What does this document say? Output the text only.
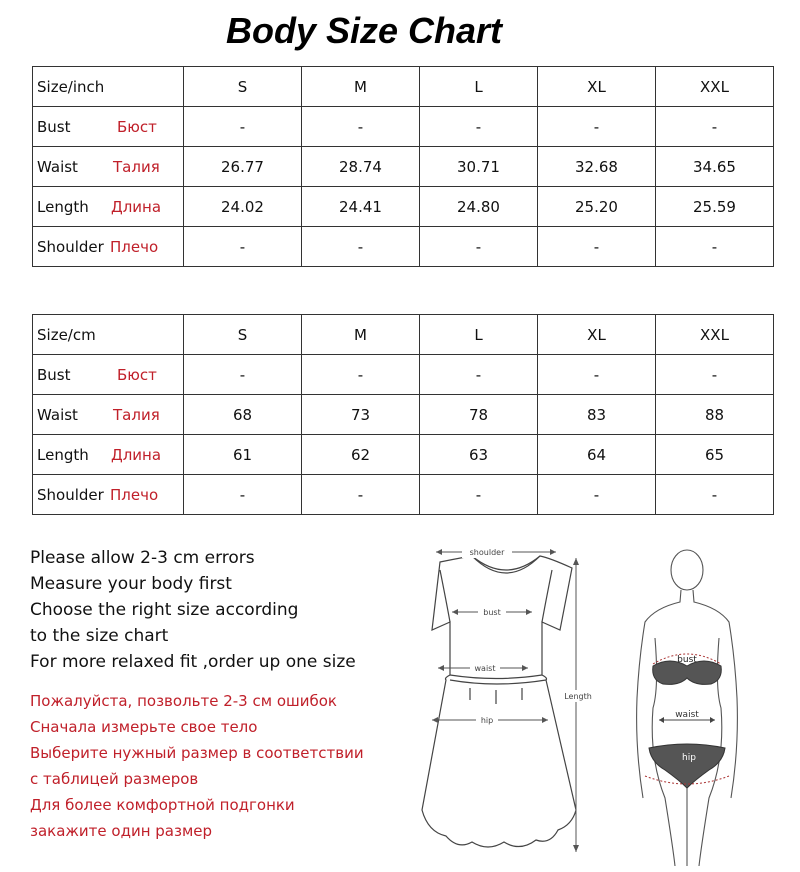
Body Size Chart
Size/inch	S	M	L	XL	XXL
Bust Бюст	-	-	-	-	-
Waist Талия	26.77	28.74	30.71	32.68	34.65
Length Длина	24.02	24.41	24.80	25.20	25.59
Shoulder Плечо	-	-	-	-	-
Size/cm	S	M	L	XL	XXL
Bust Бюст	-	-	-	-	-
Waist Талия	68	73	78	83	88
Length Длина	61	62	63	64	65
Shoulder Плечо	-	-	-	-	-
Please allow 2-3 cm errors
Measure your body first
Choose the right size according
to the size chart
For more relaxed fit ,order up one size
Пожалуйста, позвольте 2-3 см ошибок
Сначала измерьте свое тело
Выберите нужный размер в соответствии
с таблицей размеров
Для более комфортной подгонки
закажите один размер
shoulder
bust
waist
hip
Length
bust
waist
hip
